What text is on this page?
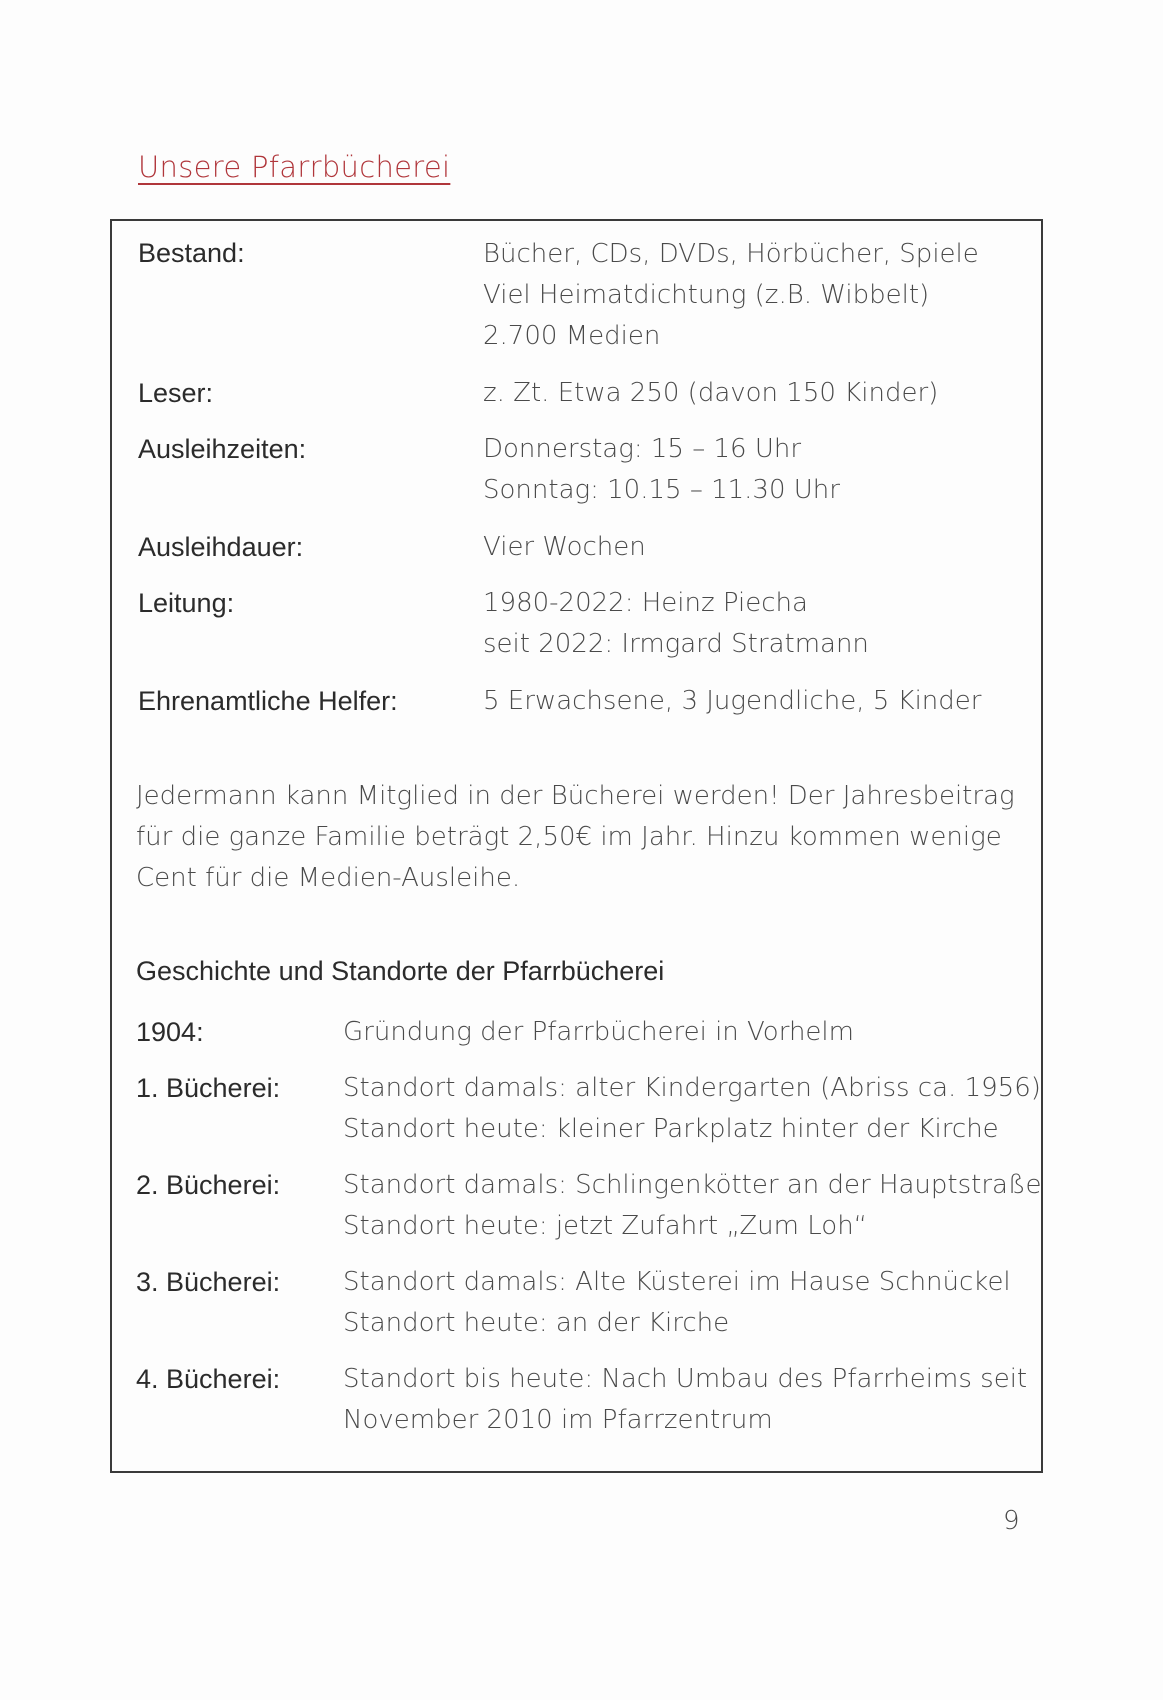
Unsere Pfarrbücherei
Bestand:	Bücher, CDs, DVDs, Hörbücher, Spiele
Viel Heimatdichtung (z.B. Wibbelt)
2.700 Medien
Leser:	z. Zt. Etwa 250 (davon 150 Kinder)
Ausleihzeiten:	Donnerstag: 15 – 16 Uhr
Sonntag: 10.15 – 11.30 Uhr
Ausleihdauer:	Vier Wochen
Leitung:	1980-2022: Heinz Piecha
seit 2022: Irmgard Stratmann
Ehrenamtliche Helfer:	5 Erwachsene, 3 Jugendliche, 5 Kinder
Jedermann kann Mitglied in der Bücherei werden! Der Jahresbeitrag für die ganze Familie beträgt 2,50€ im Jahr. Hinzu kommen wenige Cent für die Medien-Ausleihe.
Geschichte und Standorte der Pfarrbücherei
1904:	Gründung der Pfarrbücherei in Vorhelm
1. Bücherei: Standort damals: alter Kindergarten (Abriss ca. 1956)
Standort heute: kleiner Parkplatz hinter der Kirche
2. Bücherei: Standort damals: Schlingenkötter an der Hauptstraße
Standort heute: jetzt Zufahrt „Zum Loh“
3. Bücherei: Standort damals: Alte Küsterei im Hause Schnückel
Standort heute: an der Kirche
4. Bücherei: Standort bis heute: Nach Umbau des Pfarrheims seit
November 2010 im Pfarrzentrum
9
